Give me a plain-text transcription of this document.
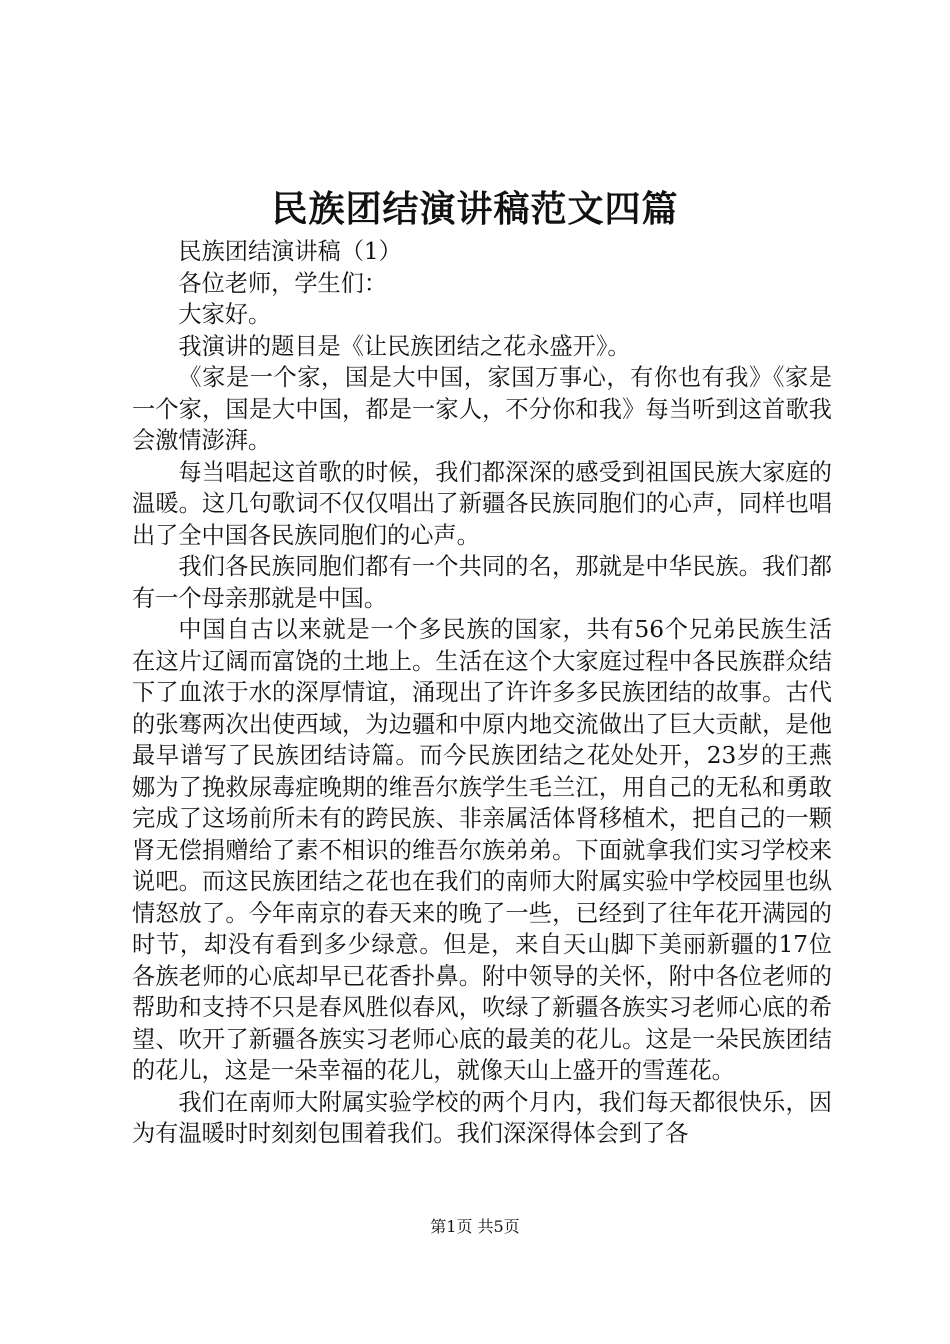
民族团结演讲稿范文四篇

民族团结演讲稿（1）

各位老师，学生们：

大家好。

我演讲的题目是《让民族团结之花永盛开》。

《家是一个家，国是大中国，家国万事心，有你也有我》《家是一个家，国是大中国，都是一家人，不分你和我》每当听到这首歌我会激情澎湃。

每当唱起这首歌的时候，我们都深深的感受到祖国民族大家庭的温暖。这几句歌词不仅仅唱出了新疆各民族同胞们的心声，同样也唱出了全中国各民族同胞们的心声。

我们各民族同胞们都有一个共同的名，那就是中华民族。我们都有一个母亲那就是中国。

中国自古以来就是一个多民族的国家，共有56个兄弟民族生活在这片辽阔而富饶的土地上。生活在这个大家庭过程中各民族群众结下了血浓于水的深厚情谊，涌现出了许许多多民族团结的故事。古代的张骞两次出使西域，为边疆和中原内地交流做出了巨大贡献，是他最早谱写了民族团结诗篇。而今民族团结之花处处开，23岁的王燕娜为了挽救尿毒症晚期的维吾尔族学生毛兰江，用自己的无私和勇敢完成了这场前所未有的跨民族、非亲属活体肾移植术，把自己的一颗肾无偿捐赠给了素不相识的维吾尔族弟弟。下面就拿我们实习学校来说吧。而这民族团结之花也在我们的南师大附属实验中学校园里也纵情怒放了。今年南京的春天来的晚了一些，已经到了往年花开满园的时节，却没有看到多少绿意。但是，来自天山脚下美丽新疆的17位各族老师的心底却早已花香扑鼻。附中领导的关怀，附中各位老师的帮助和支持不只是春风胜似春风，吹绿了新疆各族实习老师心底的希望、吹开了新疆各族实习老师心底的最美的花儿。这是一朵民族团结的花儿，这是一朵幸福的花儿，就像天山上盛开的雪莲花。

我们在南师大附属实验学校的两个月内，我们每天都很快乐，因为有温暖时时刻刻包围着我们。我们深深得体会到了各

第1页 共5页
